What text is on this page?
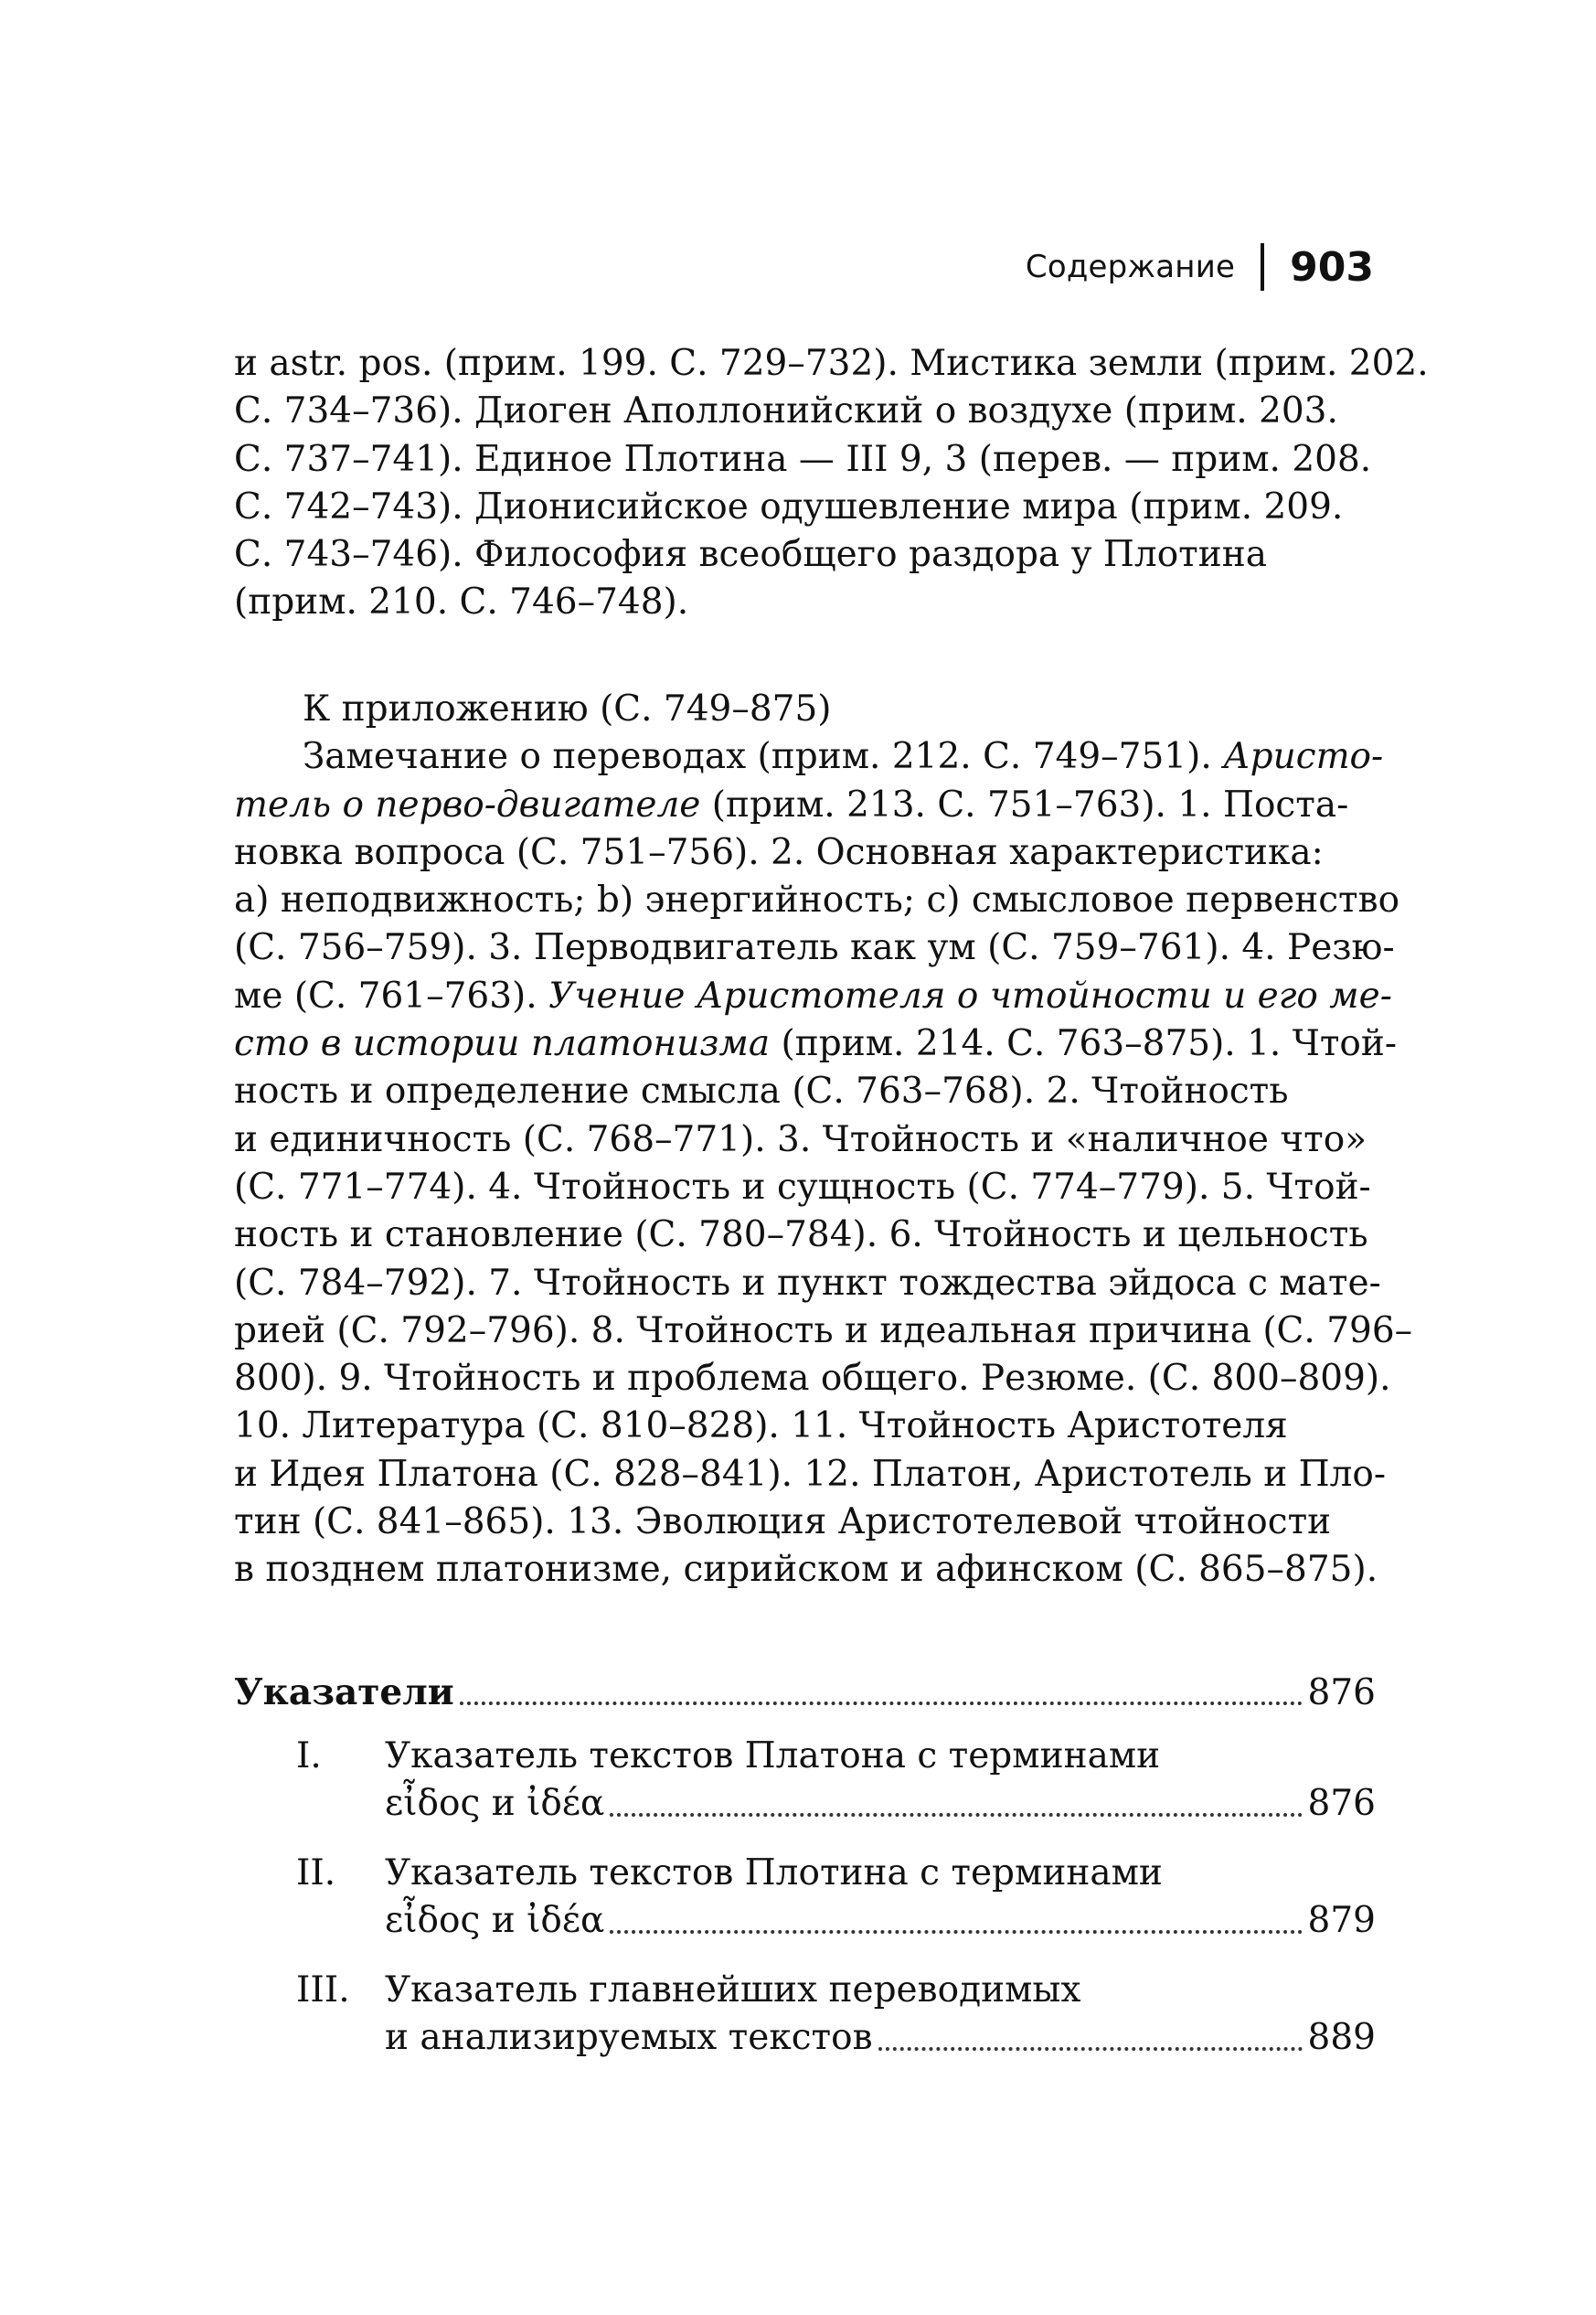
Содержание 903
и astr. pos. (прим. 199. С. 729–732). Мистика земли (прим. 202.
С. 734–736). Диоген Аполлонийский о воздухе (прим. 203.
С. 737–741). Единое Плотина — III 9, 3 (перев. — прим. 208.
С. 742–743). Дионисийское одушевление мира (прим. 209.
С. 743–746). Философия всеобщего раздора у Плотина
(прим. 210. С. 746–748).
К приложению (С. 749–875)
Замечание о переводах (прим. 212. С. 749–751). Аристо-
тель о перво-двигателе (прим. 213. С. 751–763). 1. Поста-
новка вопроса (С. 751–756). 2. Основная характеристика:
a) неподвижность; b) энергийность; c) смысловое первенство
(С. 756–759). 3. Перводвигатель как ум (С. 759–761). 4. Резю-
ме (С. 761–763). Учение Аристотеля о чтойности и его ме-
сто в истории платонизма (прим. 214. С. 763–875). 1. Чтой-
ность и определение смысла (С. 763–768). 2. Чтойность
и единичность (С. 768–771). 3. Чтойность и «наличное что»
(С. 771–774). 4. Чтойность и сущность (С. 774–779). 5. Чтой-
ность и становление (С. 780–784). 6. Чтойность и цельность
(С. 784–792). 7. Чтойность и пункт тождества эйдоса с мате-
рией (С. 792–796). 8. Чтойность и идеальная причина (С. 796–
800). 9. Чтойность и проблема общего. Резюме. (С. 800–809).
10. Литература (С. 810–828). 11. Чтойность Аристотеля
и Идея Платона (С. 828–841). 12. Платон, Аристотель и Пло-
тин (С. 841–865). 13. Эволюция Аристотелевой чтойности
в позднем платонизме, сирийском и афинском (С. 865–875).
Указатели	876
I. Указатель текстов Платона с терминами
εἶδος и ἰδέα	876
II. Указатель текстов Плотина с терминами
εἶδος и ἰδέα	879
III. Указатель главнейших переводимых
и анализируемых текстов	889
